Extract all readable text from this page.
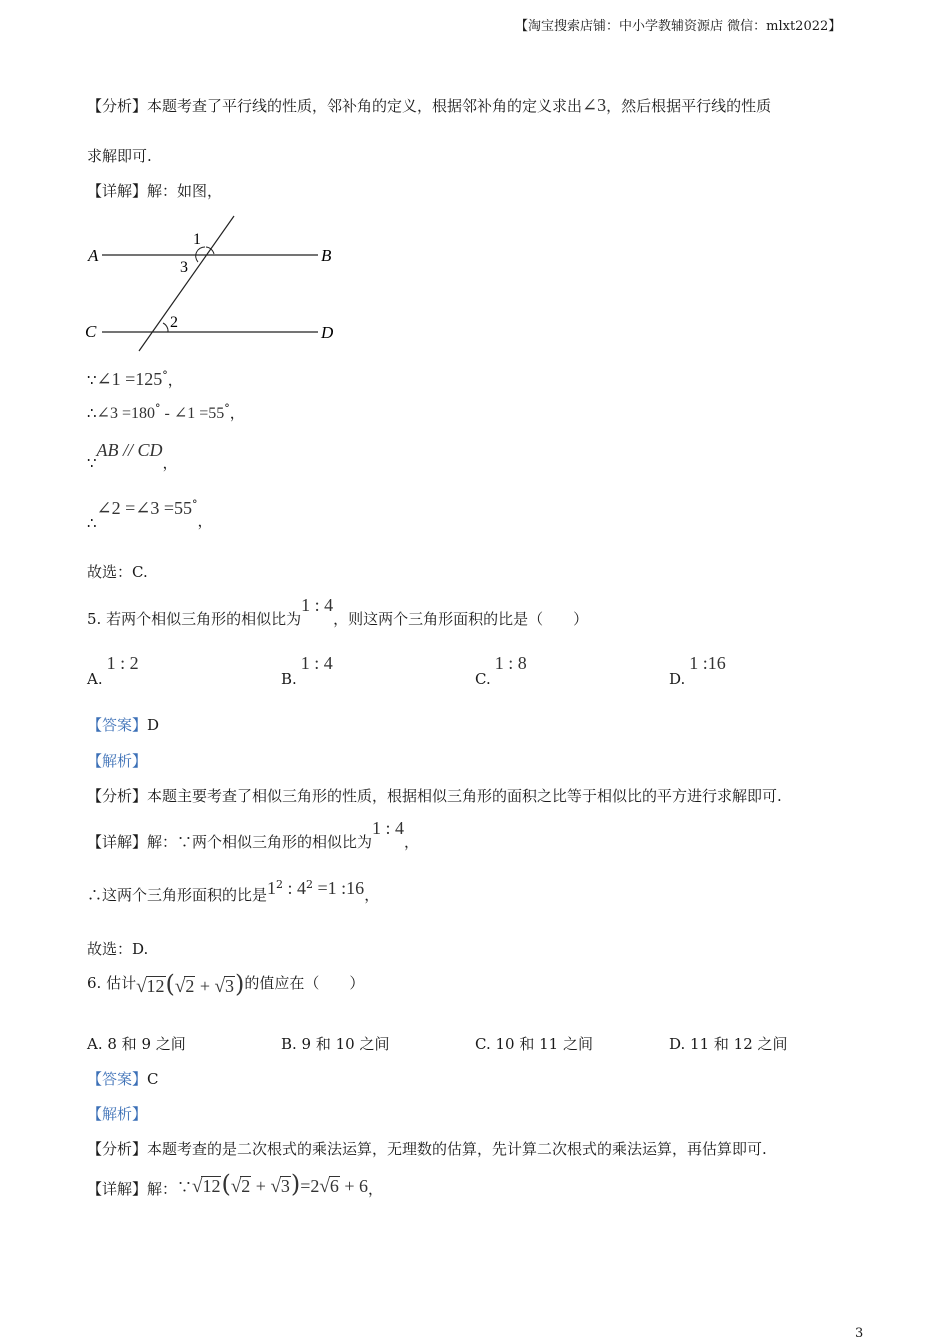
【淘宝搜索店铺：中小学教辅资源店 微信：mlxt2022】
【分析】本题考查了平行线的性质，邻补角的定义，根据邻补角的定义求出∠3，然后根据平行线的性质
求解即可.
【详解】解：如图，
A	B
C	D
1
3
2
∵∠1 =125°，
∴∠3 =180° - ∠1 =55°，
∵AB // CD，
∴∠2 =∠3 =55°，
故选：C.
5. 若两个相似三角形的相似比为1 : 4，则这两个三角形面积的比是（　　）
A.1 : 2
B.1 : 4
C.1 : 8
D.1 :16
【答案】D
【解析】
【分析】本题主要考查了相似三角形的性质，根据相似三角形的面积之比等于相似比的平方进行求解即可.
【详解】解：∵两个相似三角形的相似比为1 : 4，
∴这两个三角形面积的比是$1^2$ : $4^2 =1$ :16，
故选：D.
6. 估计√12(√2 + √3)的值应在（　　）
A. 8 和 9 之间	B. 9 和 10 之间	C. 10 和 11 之间	D. 11 和 12 之间
【答案】C
【解析】
【分析】本题考查的是二次根式的乘法运算，无理数的估算，先计算二次根式的乘法运算，再估算即可.
【详解】解：∵√12(√2 + √3)=2√6 + 6，
3
